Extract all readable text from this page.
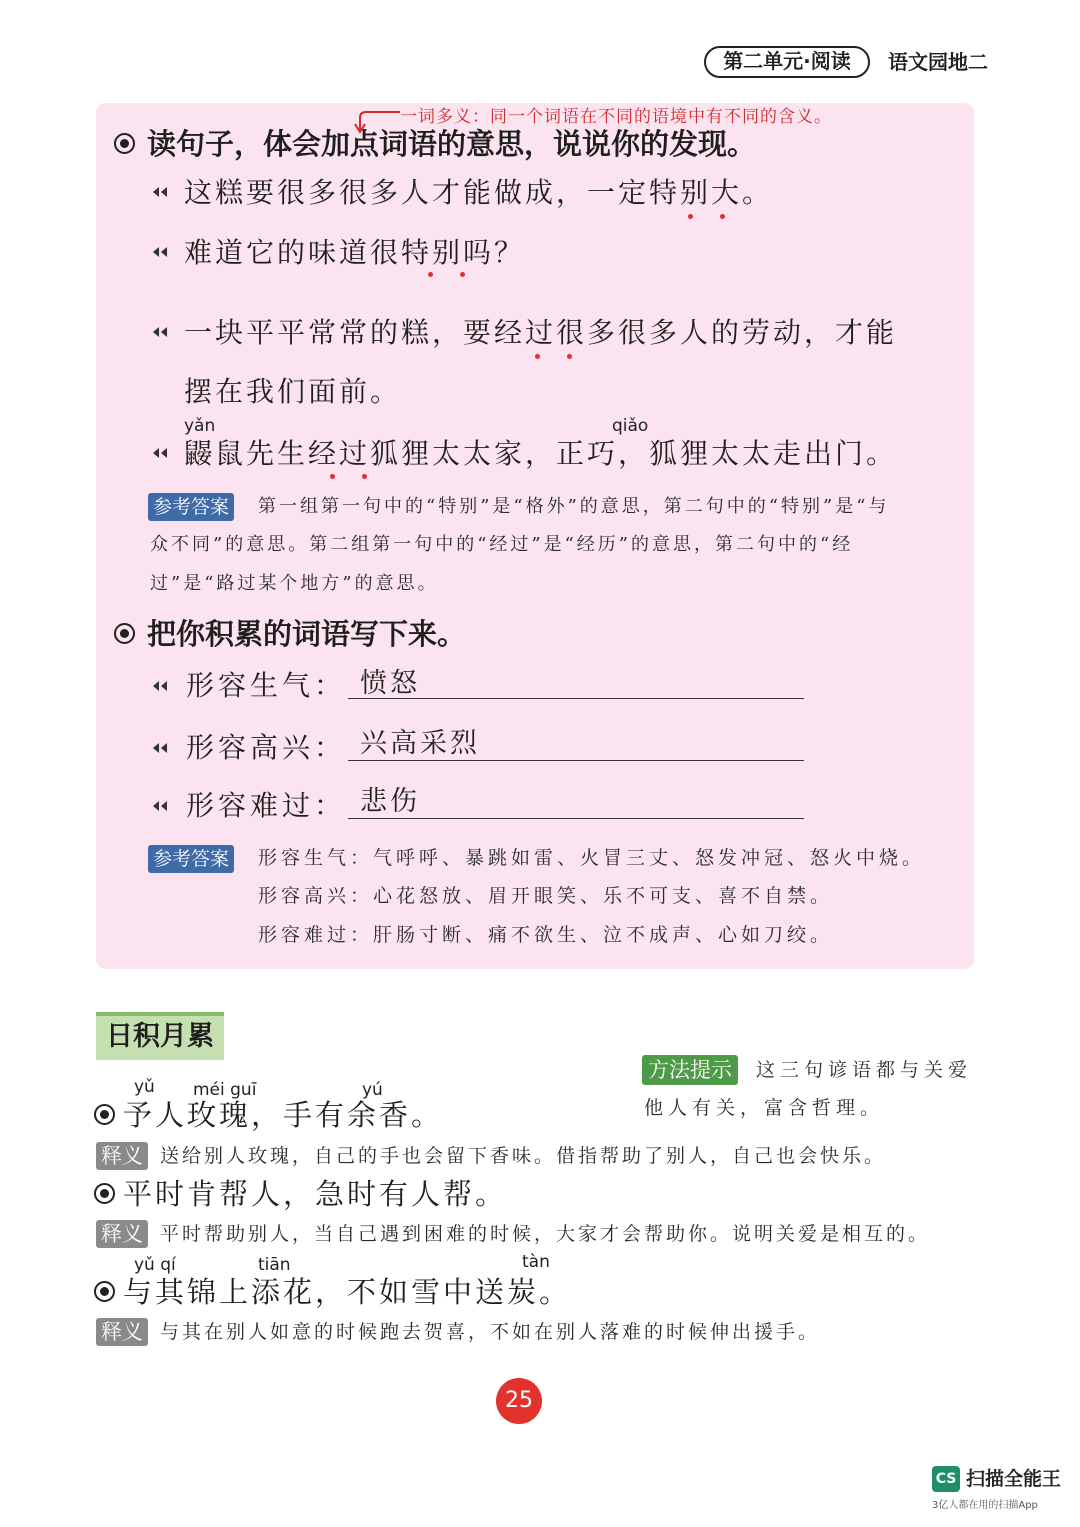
第二单元·阅读	语文园地二
一词多义：同一个词语在不同的语境中有不同的含义。
读句子，体会加点词语的意思，说说你的发现。
这糕要很多很多人才能做成，一定特别大。
难道它的味道很特别吗？
一块平平常常的糕，要经过很多很多人的劳动，才能
摆在我们面前。
yǎn	qiǎo
鼹鼠先生经过狐狸太太家，正巧，狐狸太太走出门。
参考答案 第一组第一句中的“特别”是“格外”的意思，第二句中的“特别”是“与
众不同”的意思。第二组第一句中的“经过”是“经历”的意思，第二句中的“经
过”是“路过某个地方”的意思。
把你积累的词语写下来。
形容生气： 愤怒
形容高兴： 兴高采烈
形容难过： 悲伤
参考答案 形容生气：气呼呼、暴跳如雷、火冒三丈、怒发冲冠、怒火中烧。
形容高兴：心花怒放、眉开眼笑、乐不可支、喜不自禁。
形容难过：肝肠寸断、痛不欲生、泣不成声、心如刀绞。
日积月累
方法提示	这三句谚语都与关爱
他人有关，富含哲理。
yǔ méi guī	yú
予人玫瑰，手有余香。
释义 送给别人玫瑰，自己的手也会留下香味。借指帮助了别人，自己也会快乐。
平时肯帮人，急时有人帮。
释义 平时帮助别人，当自己遇到困难的时候，大家才会帮助你。说明关爱是相互的。
yǔ qí	tiān	tàn
与其锦上添花，不如雪中送炭。
释义 与其在别人如意的时候跑去贺喜，不如在别人落难的时候伸出援手。
25
CS 扫描全能王
3亿人都在用的扫描App
